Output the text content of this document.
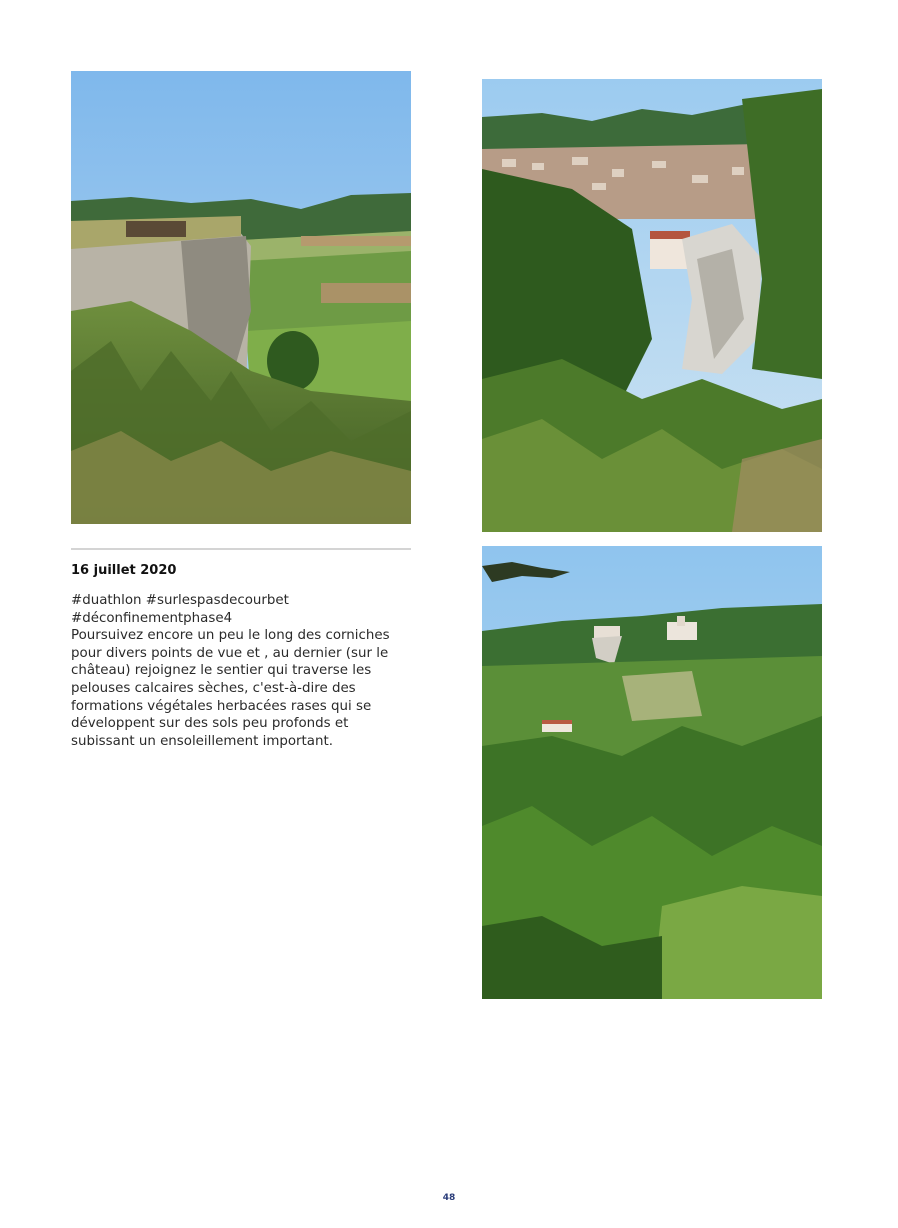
16 juillet 2020

#duathlon #surlespasdecourbet

#déconfinementphase4

Poursuivez encore un peu le long des corniches pour divers points de vue et , au dernier (sur le château) rejoignez le sentier qui traverse les pelouses calcaires sèches, c'est-à-dire des formations végétales herbacées rases qui se développent sur des sols peu profonds et subissant un ensoleillement important.

48
